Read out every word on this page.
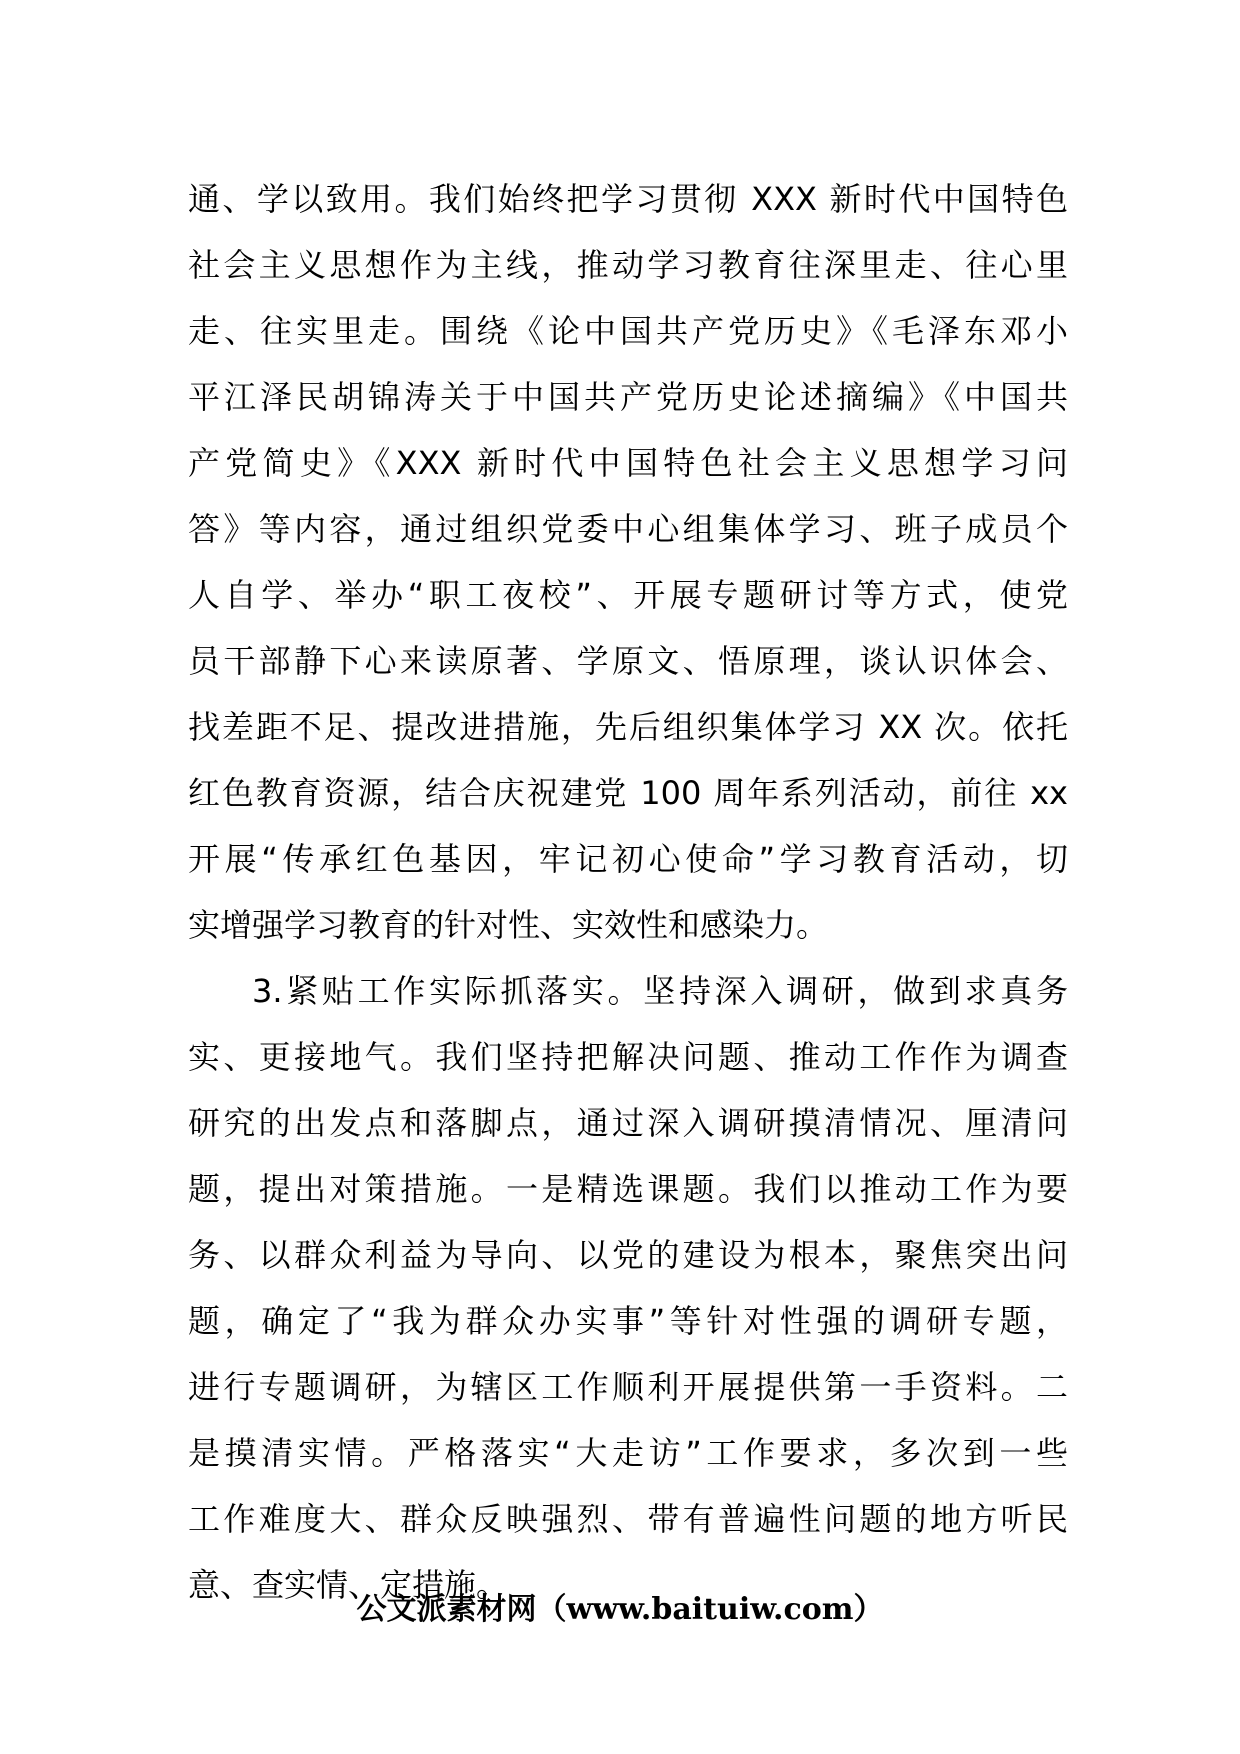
通、学以致用。我们始终把学习贯彻 XXX 新时代中国特色
社会主义思想作为主线，推动学习教育往深里走、往心里
走、往实里走。围绕《论中国共产党历史》《毛泽东邓小
平江泽民胡锦涛关于中国共产党历史论述摘编》《中国共
产党简史》《XXX 新时代中国特色社会主义思想学习问
答》等内容，通过组织党委中心组集体学习、班子成员个
人自学、举办“职工夜校”、开展专题研讨等方式，使党
员干部静下心来读原著、学原文、悟原理，谈认识体会、
找差距不足、提改进措施，先后组织集体学习 XX 次。依托
红色教育资源，结合庆祝建党 100 周年系列活动，前往 xx
开展“传承红色基因，牢记初心使命”学习教育活动，切
实增强学习教育的针对性、实效性和感染力。
3.紧贴工作实际抓落实。坚持深入调研，做到求真务
实、更接地气。我们坚持把解决问题、推动工作作为调查
研究的出发点和落脚点，通过深入调研摸清情况、厘清问
题，提出对策措施。一是精选课题。我们以推动工作为要
务、以群众利益为导向、以党的建设为根本，聚焦突出问
题，确定了“我为群众办实事”等针对性强的调研专题，
进行专题调研，为辖区工作顺利开展提供第一手资料。二
是摸清实情。严格落实“大走访”工作要求，多次到一些
工作难度大、群众反映强烈、带有普遍性问题的地方听民
意、查实情、定措施。
公文派素材网（www.baituiw.com）
